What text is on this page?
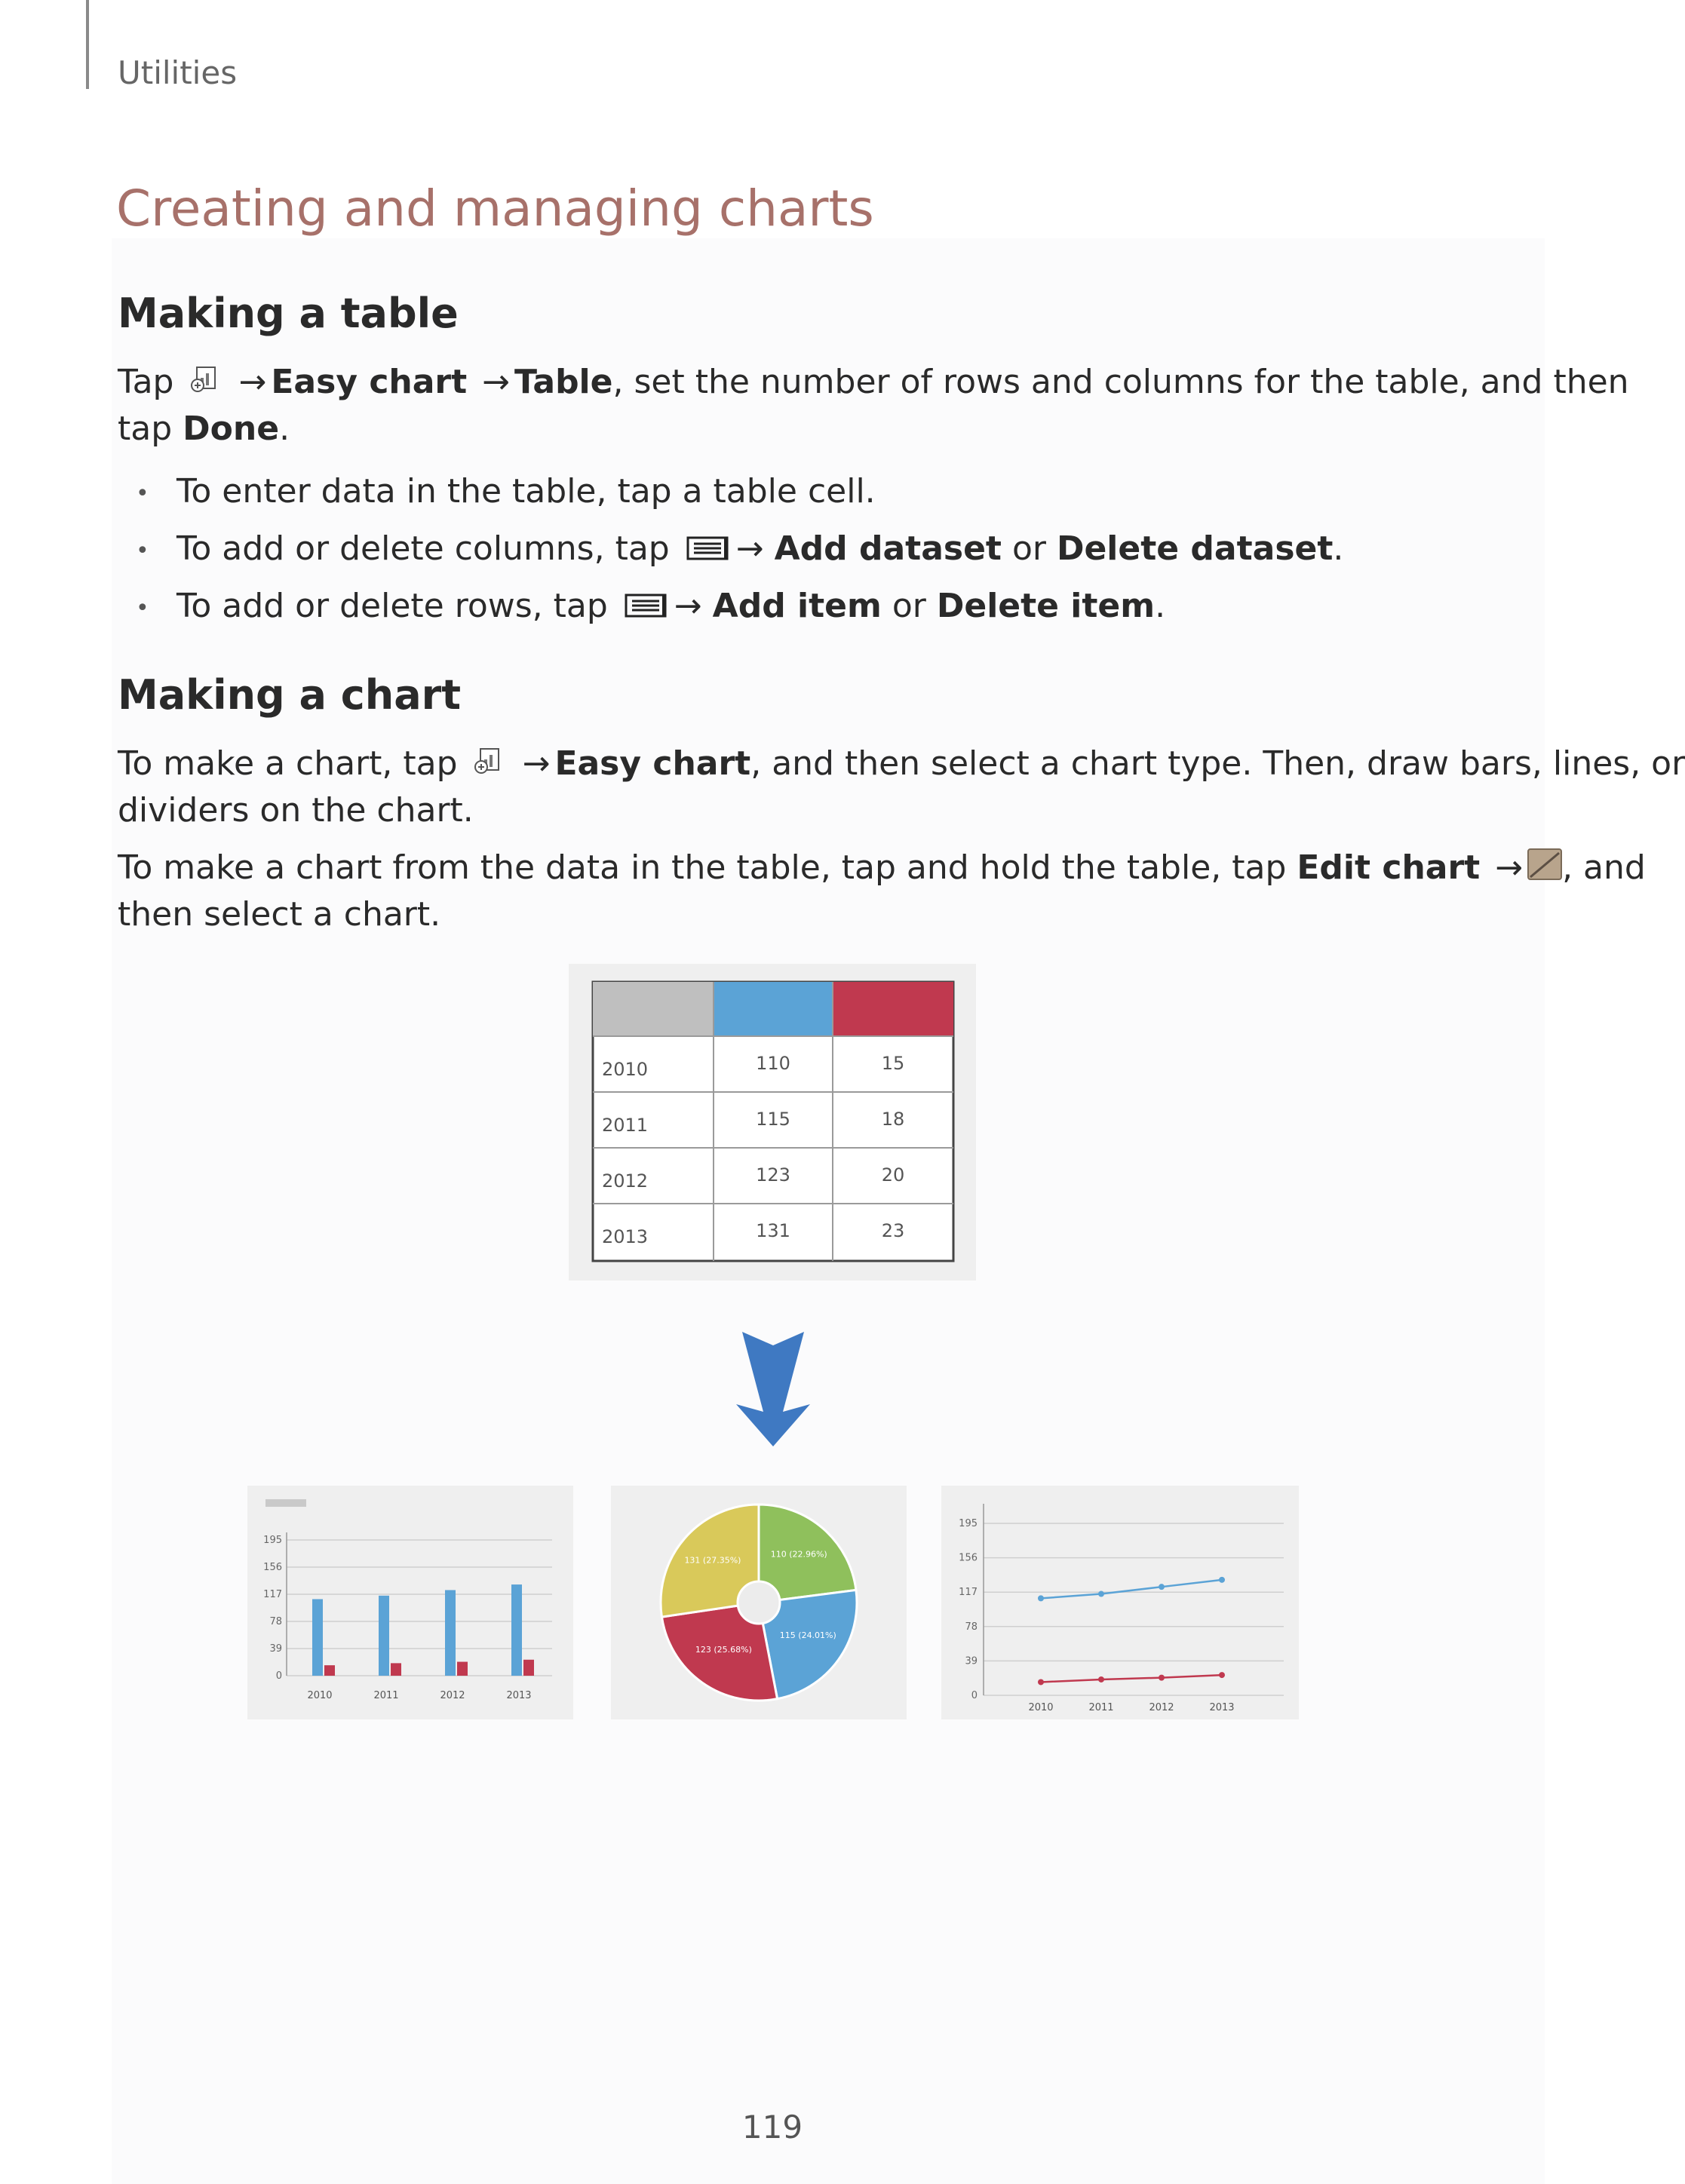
Utilities
Creating and managing charts
Making a table
Tap → Easy chart → Table, set the number of rows and columns for the table, and then
tap Done.
• To enter data in the table, tap a table cell.
• To add or delete columns, tap → Add dataset or Delete dataset.
• To add or delete rows, tap → Add item or Delete item.
Making a chart
To make a chart, tap → Easy chart, and then select a chart type. Then, draw bars, lines, or
dividers on the chart.
To make a chart from the data in the table, tap and hold the table, tap Edit chart → , and
then select a chart.
2010	110	15
2011	115	18
2012	123	20
2013	131	23
195
156
117
78
39
0
2010	2011	2012	2013
110 (22.96%)
115 (24.01%)
123 (25.68%)
131 (27.35%)
195
156
117
78
39
0
2010	2011	2012	2013
119
